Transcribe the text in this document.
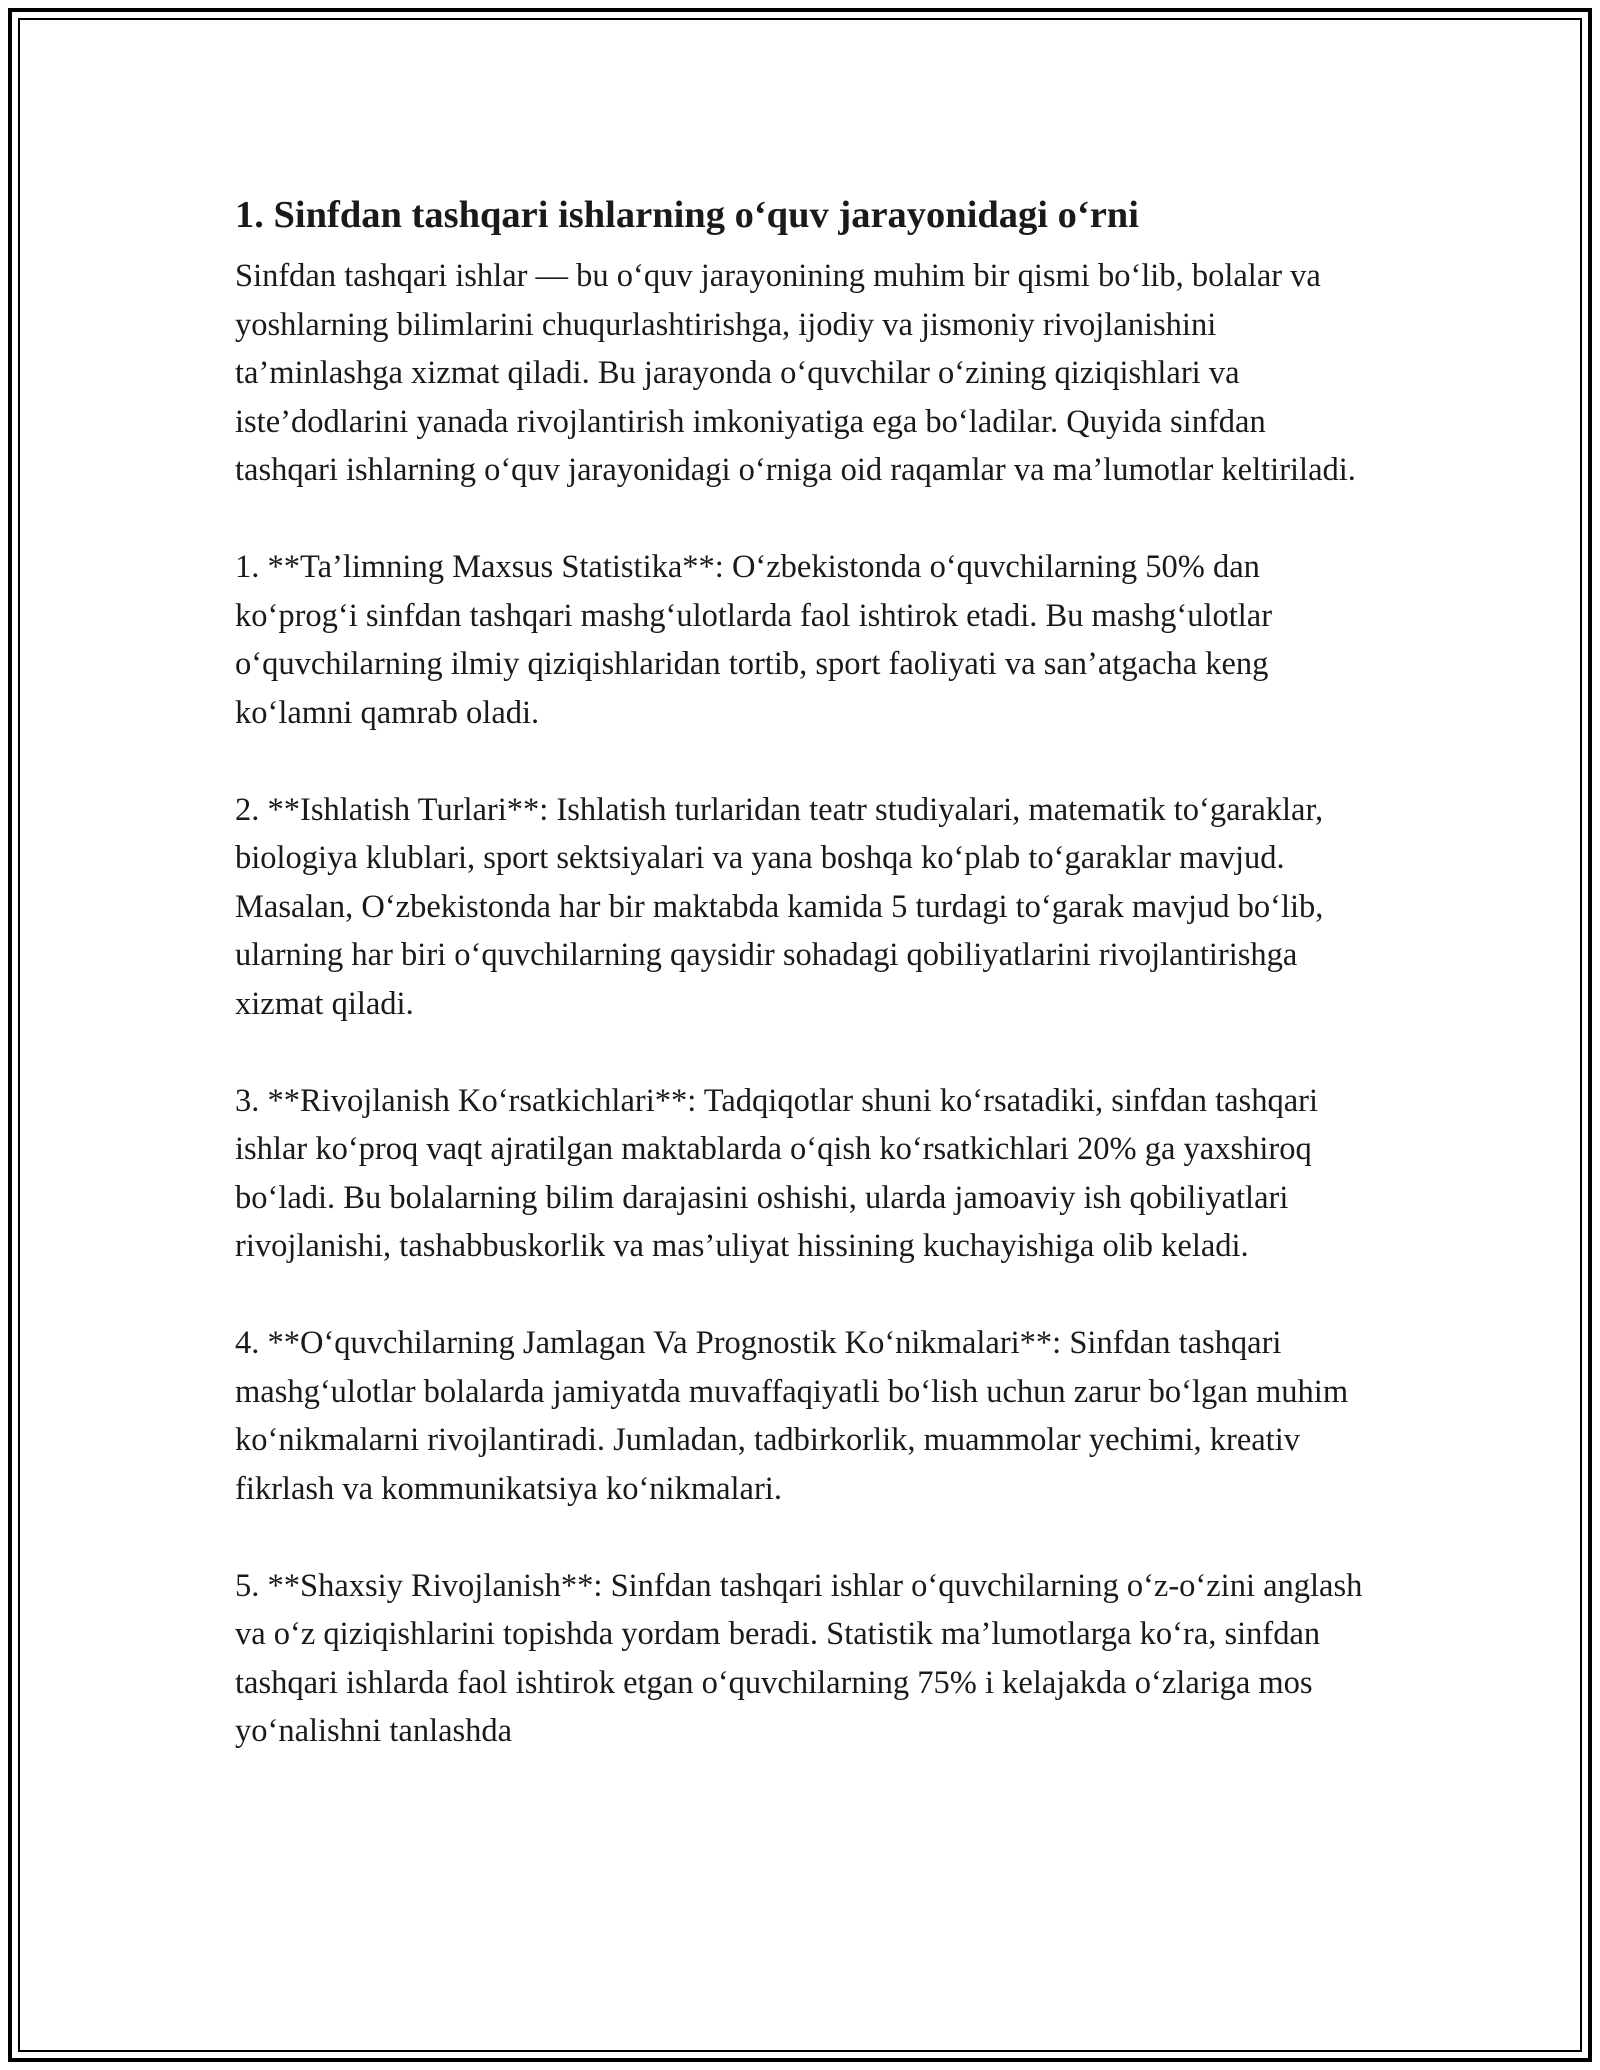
1. Sinfdan tashqari ishlarning o‘quv jarayonidagi o‘rni

Sinfdan tashqari ishlar — bu o‘quv jarayonining muhim bir qismi bo‘lib, bolalar va yoshlarning bilimlarini chuqurlashtirishga, ijodiy va jismoniy rivojlanishini ta’minlashga xizmat qiladi. Bu jarayonda o‘quvchilar o‘zining qiziqishlari va iste’dodlarini yanada rivojlantirish imkoniyatiga ega bo‘ladilar. Quyida sinfdan tashqari ishlarning o‘quv jarayonidagi o‘rniga oid raqamlar va ma’lumotlar keltiriladi.

1. **Ta’limning Maxsus Statistika**: O‘zbekistonda o‘quvchilarning 50% dan ko‘prog‘i sinfdan tashqari mashg‘ulotlarda faol ishtirok etadi. Bu mashg‘ulotlar o‘quvchilarning ilmiy qiziqishlaridan tortib, sport faoliyati va san’atgacha keng ko‘lamni qamrab oladi.

2. **Ishlatish Turlari**: Ishlatish turlaridan teatr studiyalari, matematik to‘garaklar, biologiya klublari, sport sektsiyalari va yana boshqa ko‘plab to‘garaklar mavjud. Masalan, O‘zbekistonda har bir maktabda kamida 5 turdagi to‘garak mavjud bo‘lib, ularning har biri o‘quvchilarning qaysidir sohadagi qobiliyatlarini rivojlantirishga xizmat qiladi.

3. **Rivojlanish Ko‘rsatkichlari**: Tadqiqotlar shuni ko‘rsatadiki, sinfdan tashqari ishlar ko‘proq vaqt ajratilgan maktablarda o‘qish ko‘rsatkichlari 20% ga yaxshiroq bo‘ladi. Bu bolalarning bilim darajasini oshishi, ularda jamoaviy ish qobiliyatlari rivojlanishi, tashabbuskorlik va mas’uliyat hissining kuchayishiga olib keladi.

4. **O‘quvchilarning Jamlagan Va Prognostik Ko‘nikmalari**: Sinfdan tashqari mashg‘ulotlar bolalarda jamiyatda muvaffaqiyatli bo‘lish uchun zarur bo‘lgan muhim ko‘nikmalarni rivojlantiradi. Jumladan, tadbirkorlik, muammolar yechimi, kreativ fikrlash va kommunikatsiya ko‘nikmalari.

5. **Shaxsiy Rivojlanish**: Sinfdan tashqari ishlar o‘quvchilarning o‘z-o‘zini anglash va o‘z qiziqishlarini topishda yordam beradi. Statistik ma’lumotlarga ko‘ra, sinfdan tashqari ishlarda faol ishtirok etgan o‘quvchilarning 75% i kelajakda o‘zlariga mos yo‘nalishni tanlashda
